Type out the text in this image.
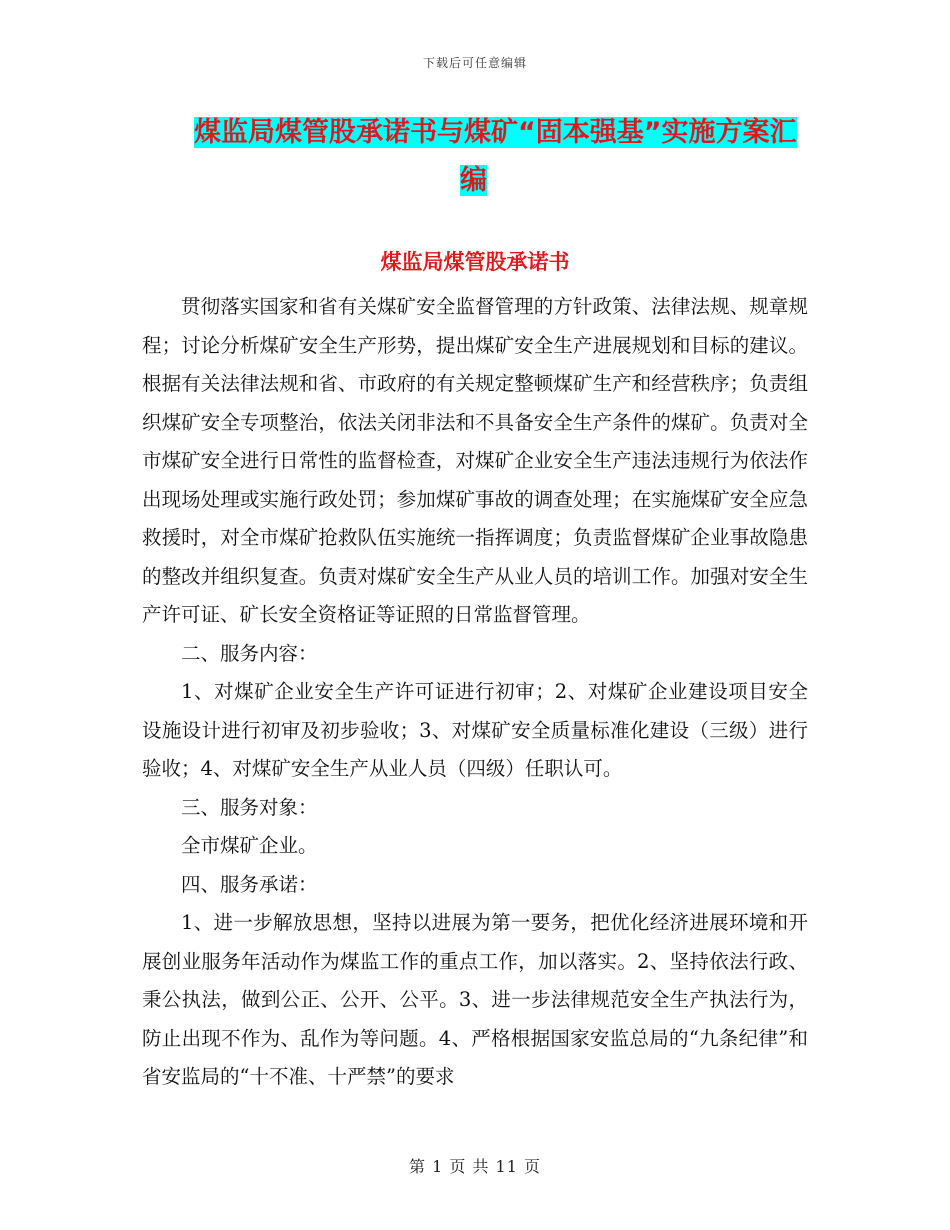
下载后可任意编辑
煤监局煤管股承诺书与煤矿“固本强基”实施方案汇
编
煤监局煤管股承诺书

贯彻落实国家和省有关煤矿安全监督管理的方针政策、法律法规、规章规程；讨论分析煤矿安全生产形势，提出煤矿安全生产进展规划和目标的建议。根据有关法律法规和省、市政府的有关规定整顿煤矿生产和经营秩序；负责组织煤矿安全专项整治，依法关闭非法和不具备安全生产条件的煤矿。负责对全市煤矿安全进行日常性的监督检查，对煤矿企业安全生产违法违规行为依法作出现场处理或实施行政处罚；参加煤矿事故的调查处理；在实施煤矿安全应急救援时，对全市煤矿抢救队伍实施统一指挥调度；负责监督煤矿企业事故隐患的整改并组织复查。负责对煤矿安全生产从业人员的培训工作。加强对安全生产许可证、矿长安全资格证等证照的日常监督管理。

二、服务内容：

1、对煤矿企业安全生产许可证进行初审；2、对煤矿企业建设项目安全设施设计进行初审及初步验收；3、对煤矿安全质量标准化建设（三级）进行验收；4、对煤矿安全生产从业人员（四级）任职认可。

三、服务对象：

全市煤矿企业。

四、服务承诺：

1、进一步解放思想，坚持以进展为第一要务，把优化经济进展环境和开展创业服务年活动作为煤监工作的重点工作，加以落实。2、坚持依法行政、秉公执法，做到公正、公开、公平。3、进一步法律规范安全生产执法行为，防止出现不作为、乱作为等问题。4、严格根据国家安监总局的“九条纪律”和省安监局的“十不准、十严禁”的要求

第 1 页 共 11 页
